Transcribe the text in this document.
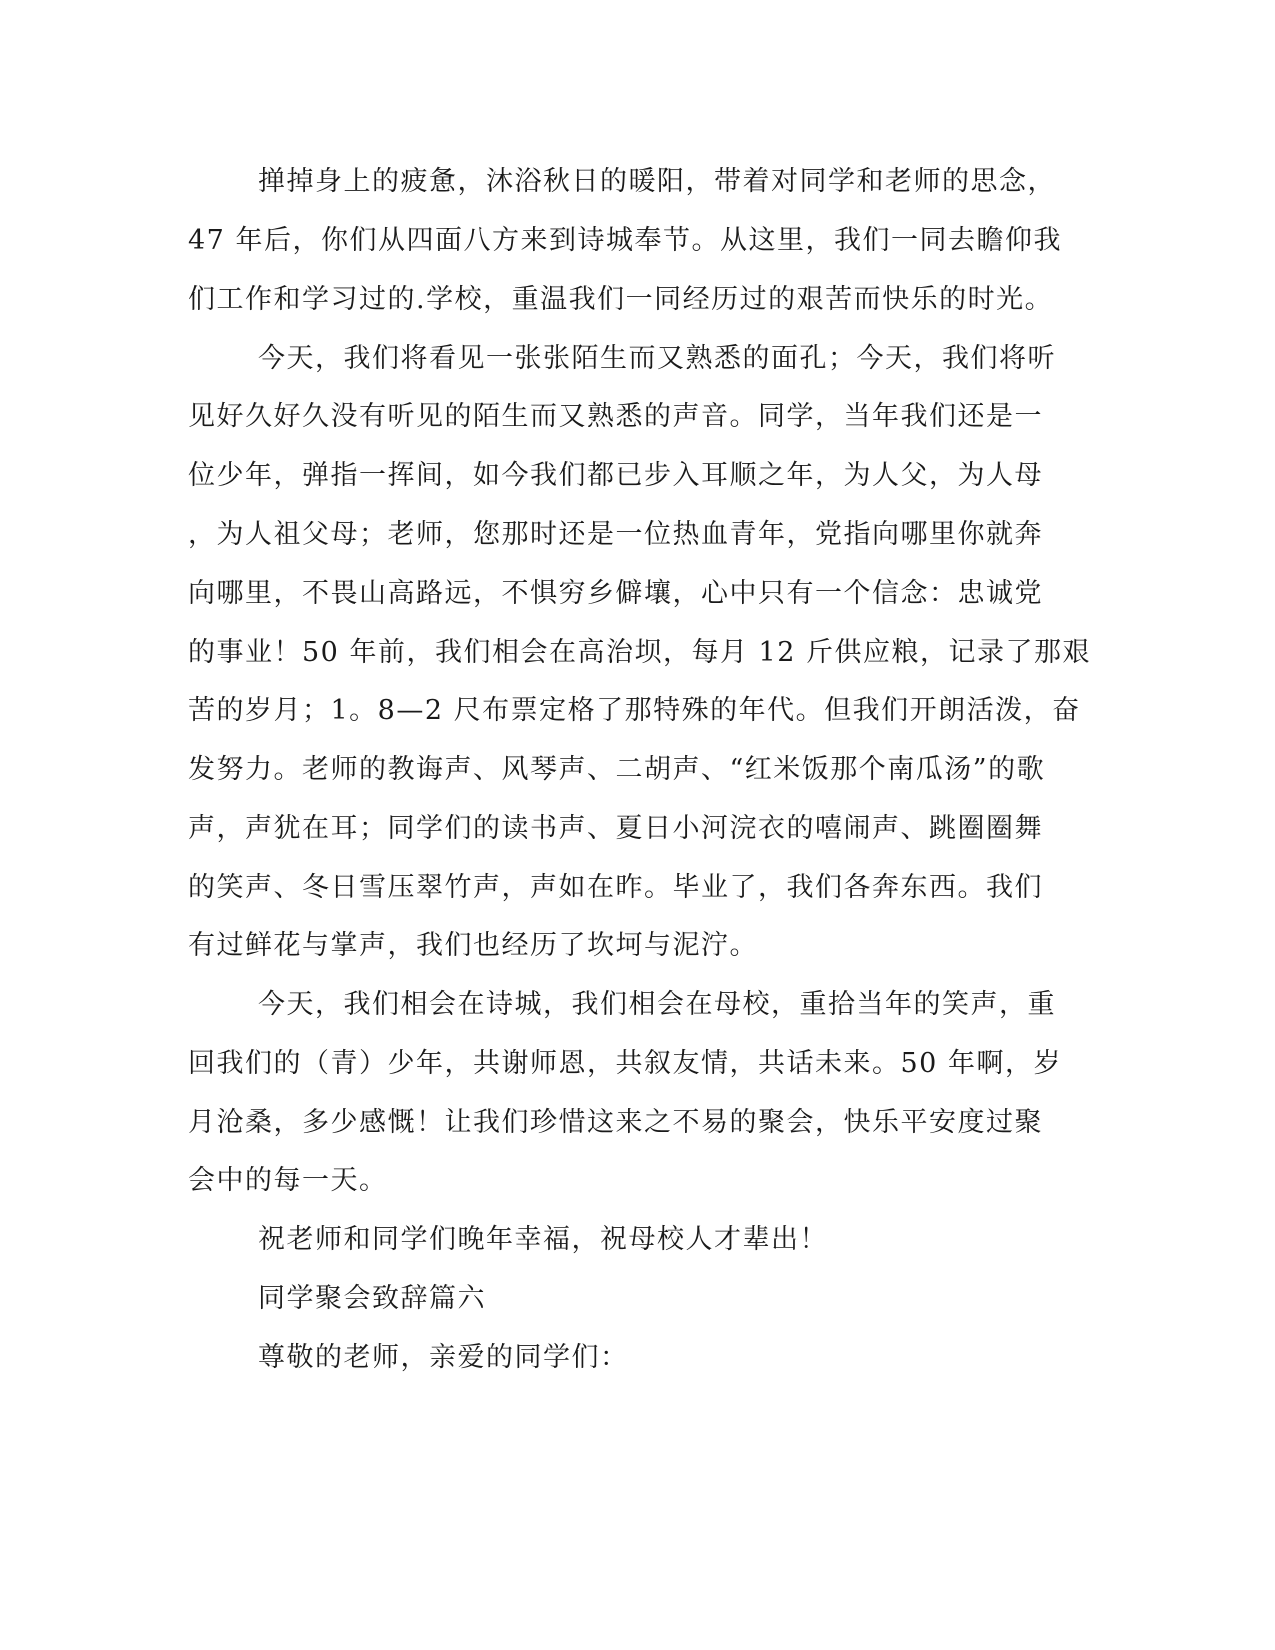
掸掉身上的疲惫，沐浴秋日的暖阳，带着对同学和老师的思念，
47 年后，你们从四面八方来到诗城奉节。从这里，我们一同去瞻仰我
们工作和学习过的.学校，重温我们一同经历过的艰苦而快乐的时光。
今天，我们将看见一张张陌生而又熟悉的面孔；今天，我们将听
见好久好久没有听见的陌生而又熟悉的声音。同学，当年我们还是一
位少年，弹指一挥间，如今我们都已步入耳顺之年，为人父，为人母
，为人祖父母；老师，您那时还是一位热血青年，党指向哪里你就奔
向哪里，不畏山高路远，不惧穷乡僻壤，心中只有一个信念：忠诚党
的事业！50 年前，我们相会在高治坝，每月 12 斤供应粮，记录了那艰
苦的岁月；1。8—2 尺布票定格了那特殊的年代。但我们开朗活泼，奋
发努力。老师的教诲声、风琴声、二胡声、“红米饭那个南瓜汤”的歌
声，声犹在耳；同学们的读书声、夏日小河浣衣的嘻闹声、跳圈圈舞
的笑声、冬日雪压翠竹声，声如在昨。毕业了，我们各奔东西。我们
有过鲜花与掌声，我们也经历了坎坷与泥泞。
今天，我们相会在诗城，我们相会在母校，重拾当年的笑声，重
回我们的（青）少年，共谢师恩，共叙友情，共话未来。50 年啊，岁
月沧桑，多少感慨！让我们珍惜这来之不易的聚会，快乐平安度过聚
会中的每一天。
祝老师和同学们晚年幸福，祝母校人才辈出！
同学聚会致辞篇六
尊敬的老师，亲爱的同学们：
